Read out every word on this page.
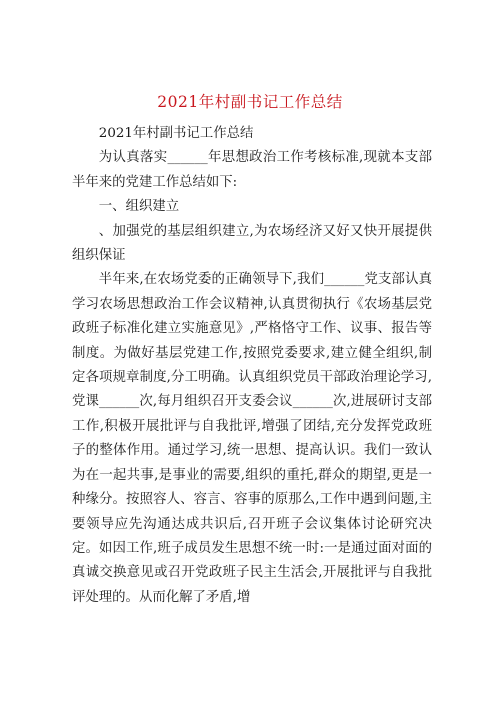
2021年村副书记工作总结

2021年村副书记工作总结

为认真落实______年思想政治工作考核标准,现就本支部半年来的党建工作总结如下:

一、组织建立

、加强党的基层组织建立,为农场经济又好又快开展提供组织保证

半年来,在农场党委的正确领导下,我们______党支部认真学习农场思想政治工作会议精神,认真贯彻执行《农场基层党政班子标准化建立实施意见》,严格恪守工作、议事、报告等制度。为做好基层党建工作,按照党委要求,建立健全组织,制定各项规章制度,分工明确。认真组织党员干部政治理论学习,党课______次,每月组织召开支委会议______次,进展研讨支部工作,积极开展批评与自我批评,增强了团结,充分发挥党政班子的整体作用。通过学习,统一思想、提高认识。我们一致认为在一起共事,是事业的需要,组织的重托,群众的期望,更是一种缘分。按照容人、容言、容事的原那么,工作中遇到问题,主要领导应先沟通达成共识后,召开班子会议集体讨论研究决定。如因工作,班子成员发生思想不统一时:一是通过面对面的真诚交换意见或召开党政班子民主生活会,开展批评与自我批评处理的。从而化解了矛盾,增
